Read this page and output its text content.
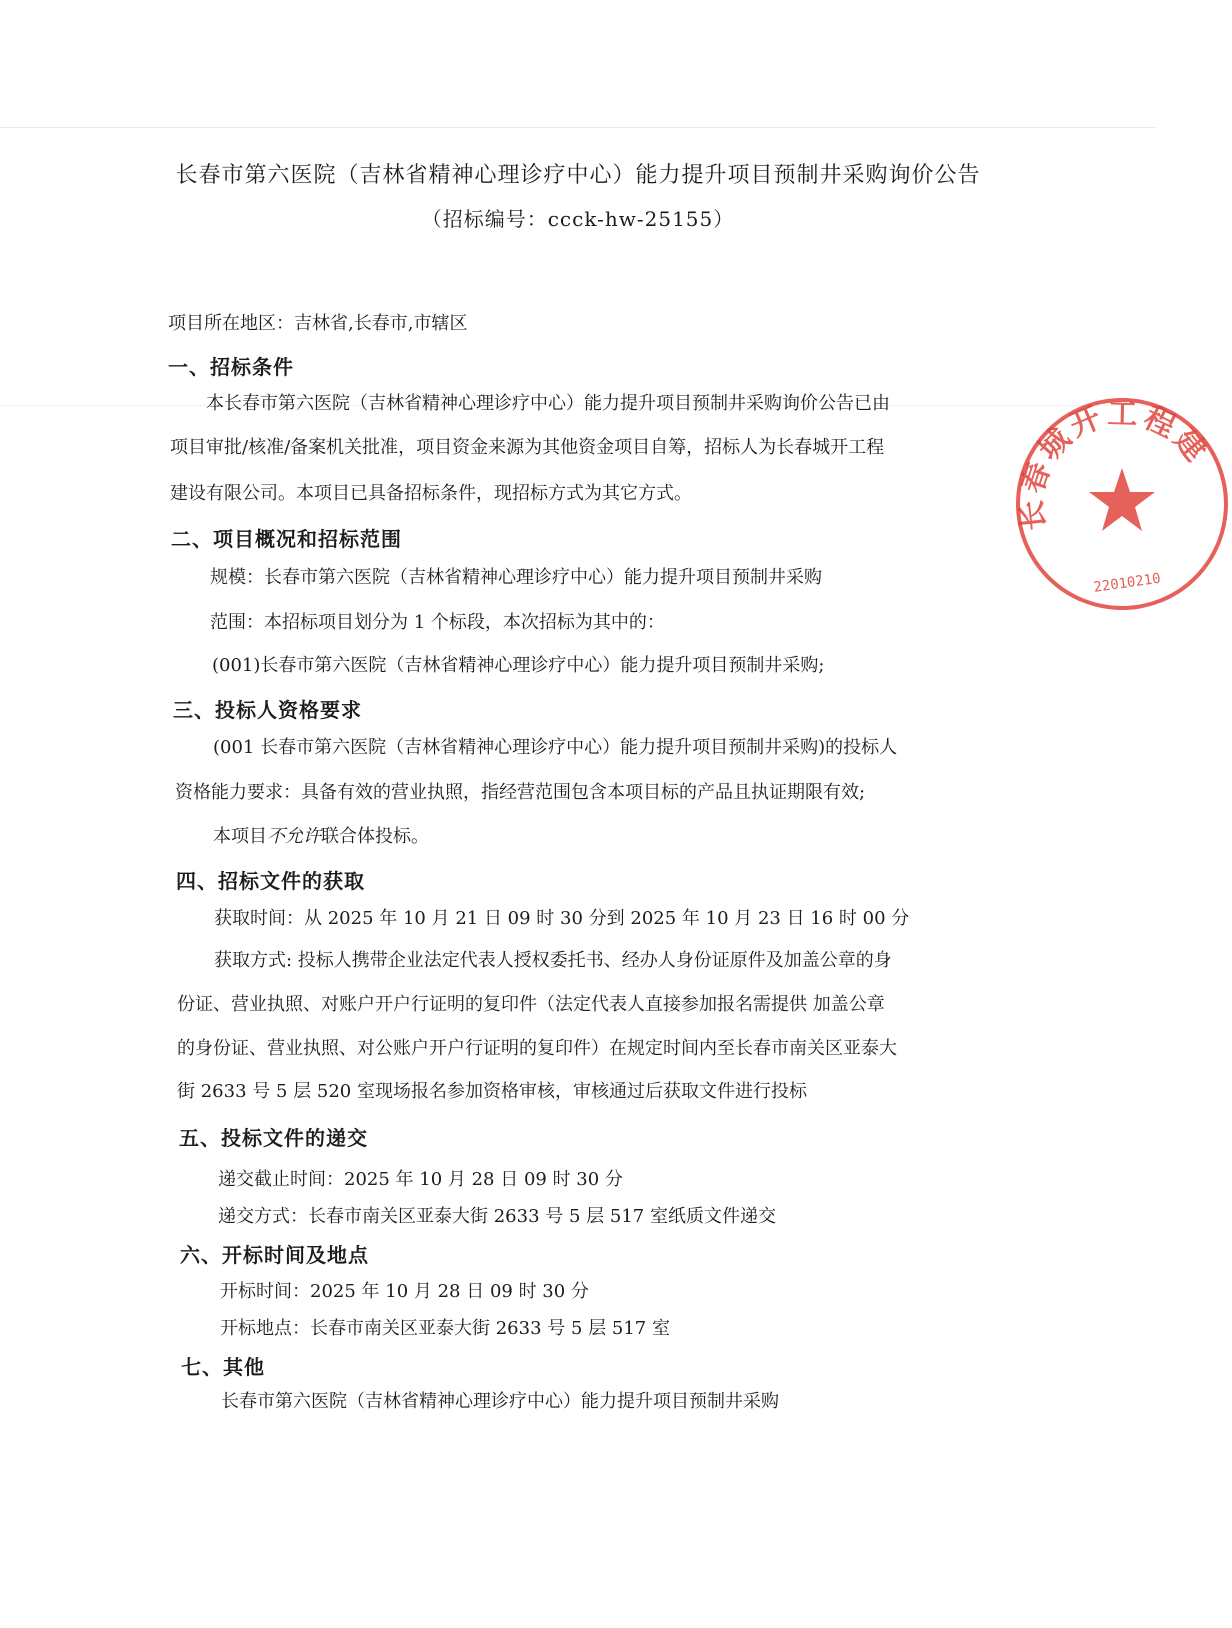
长春市第六医院（吉林省精神心理诊疗中心）能力提升项目预制井采购询价公告
（招标编号：ccck-hw-25155）
项目所在地区：吉林省,长春市,市辖区
一、招标条件
本长春市第六医院（吉林省精神心理诊疗中心）能力提升项目预制井采购询价公告已由
项目审批/核准/备案机关批准，项目资金来源为其他资金项目自筹，招标人为长春城开工程
建设有限公司。本项目已具备招标条件，现招标方式为其它方式。
二、项目概况和招标范围
规模：长春市第六医院（吉林省精神心理诊疗中心）能力提升项目预制井采购
范围：本招标项目划分为 1 个标段，本次招标为其中的：
(001)长春市第六医院（吉林省精神心理诊疗中心）能力提升项目预制井采购;
三、投标人资格要求
(001 长春市第六医院（吉林省精神心理诊疗中心）能力提升项目预制井采购)的投标人
资格能力要求：具备有效的营业执照，指经营范围包含本项目标的产品且执证期限有效;
本项目不允许联合体投标。
四、招标文件的获取
获取时间：从 2025 年 10 月 21 日 09 时 30 分到 2025 年 10 月 23 日 16 时 00 分
获取方式: 投标人携带企业法定代表人授权委托书、经办人身份证原件及加盖公章的身
份证、营业执照、对账户开户行证明的复印件（法定代表人直接参加报名需提供 加盖公章
的身份证、营业执照、对公账户开户行证明的复印件）在规定时间内至长春市南关区亚泰大
街 2633 号 5 层 520 室现场报名参加资格审核，审核通过后获取文件进行投标
五、投标文件的递交
递交截止时间：2025 年 10 月 28 日 09 时 30 分
递交方式：长春市南关区亚泰大街 2633 号 5 层 517 室纸质文件递交
六、开标时间及地点
开标时间：2025 年 10 月 28 日 09 时 30 分
开标地点：长春市南关区亚泰大街 2633 号 5 层 517 室
七、其他
长春市第六医院（吉林省精神心理诊疗中心）能力提升项目预制井采购
长春城开工程建
22010210
